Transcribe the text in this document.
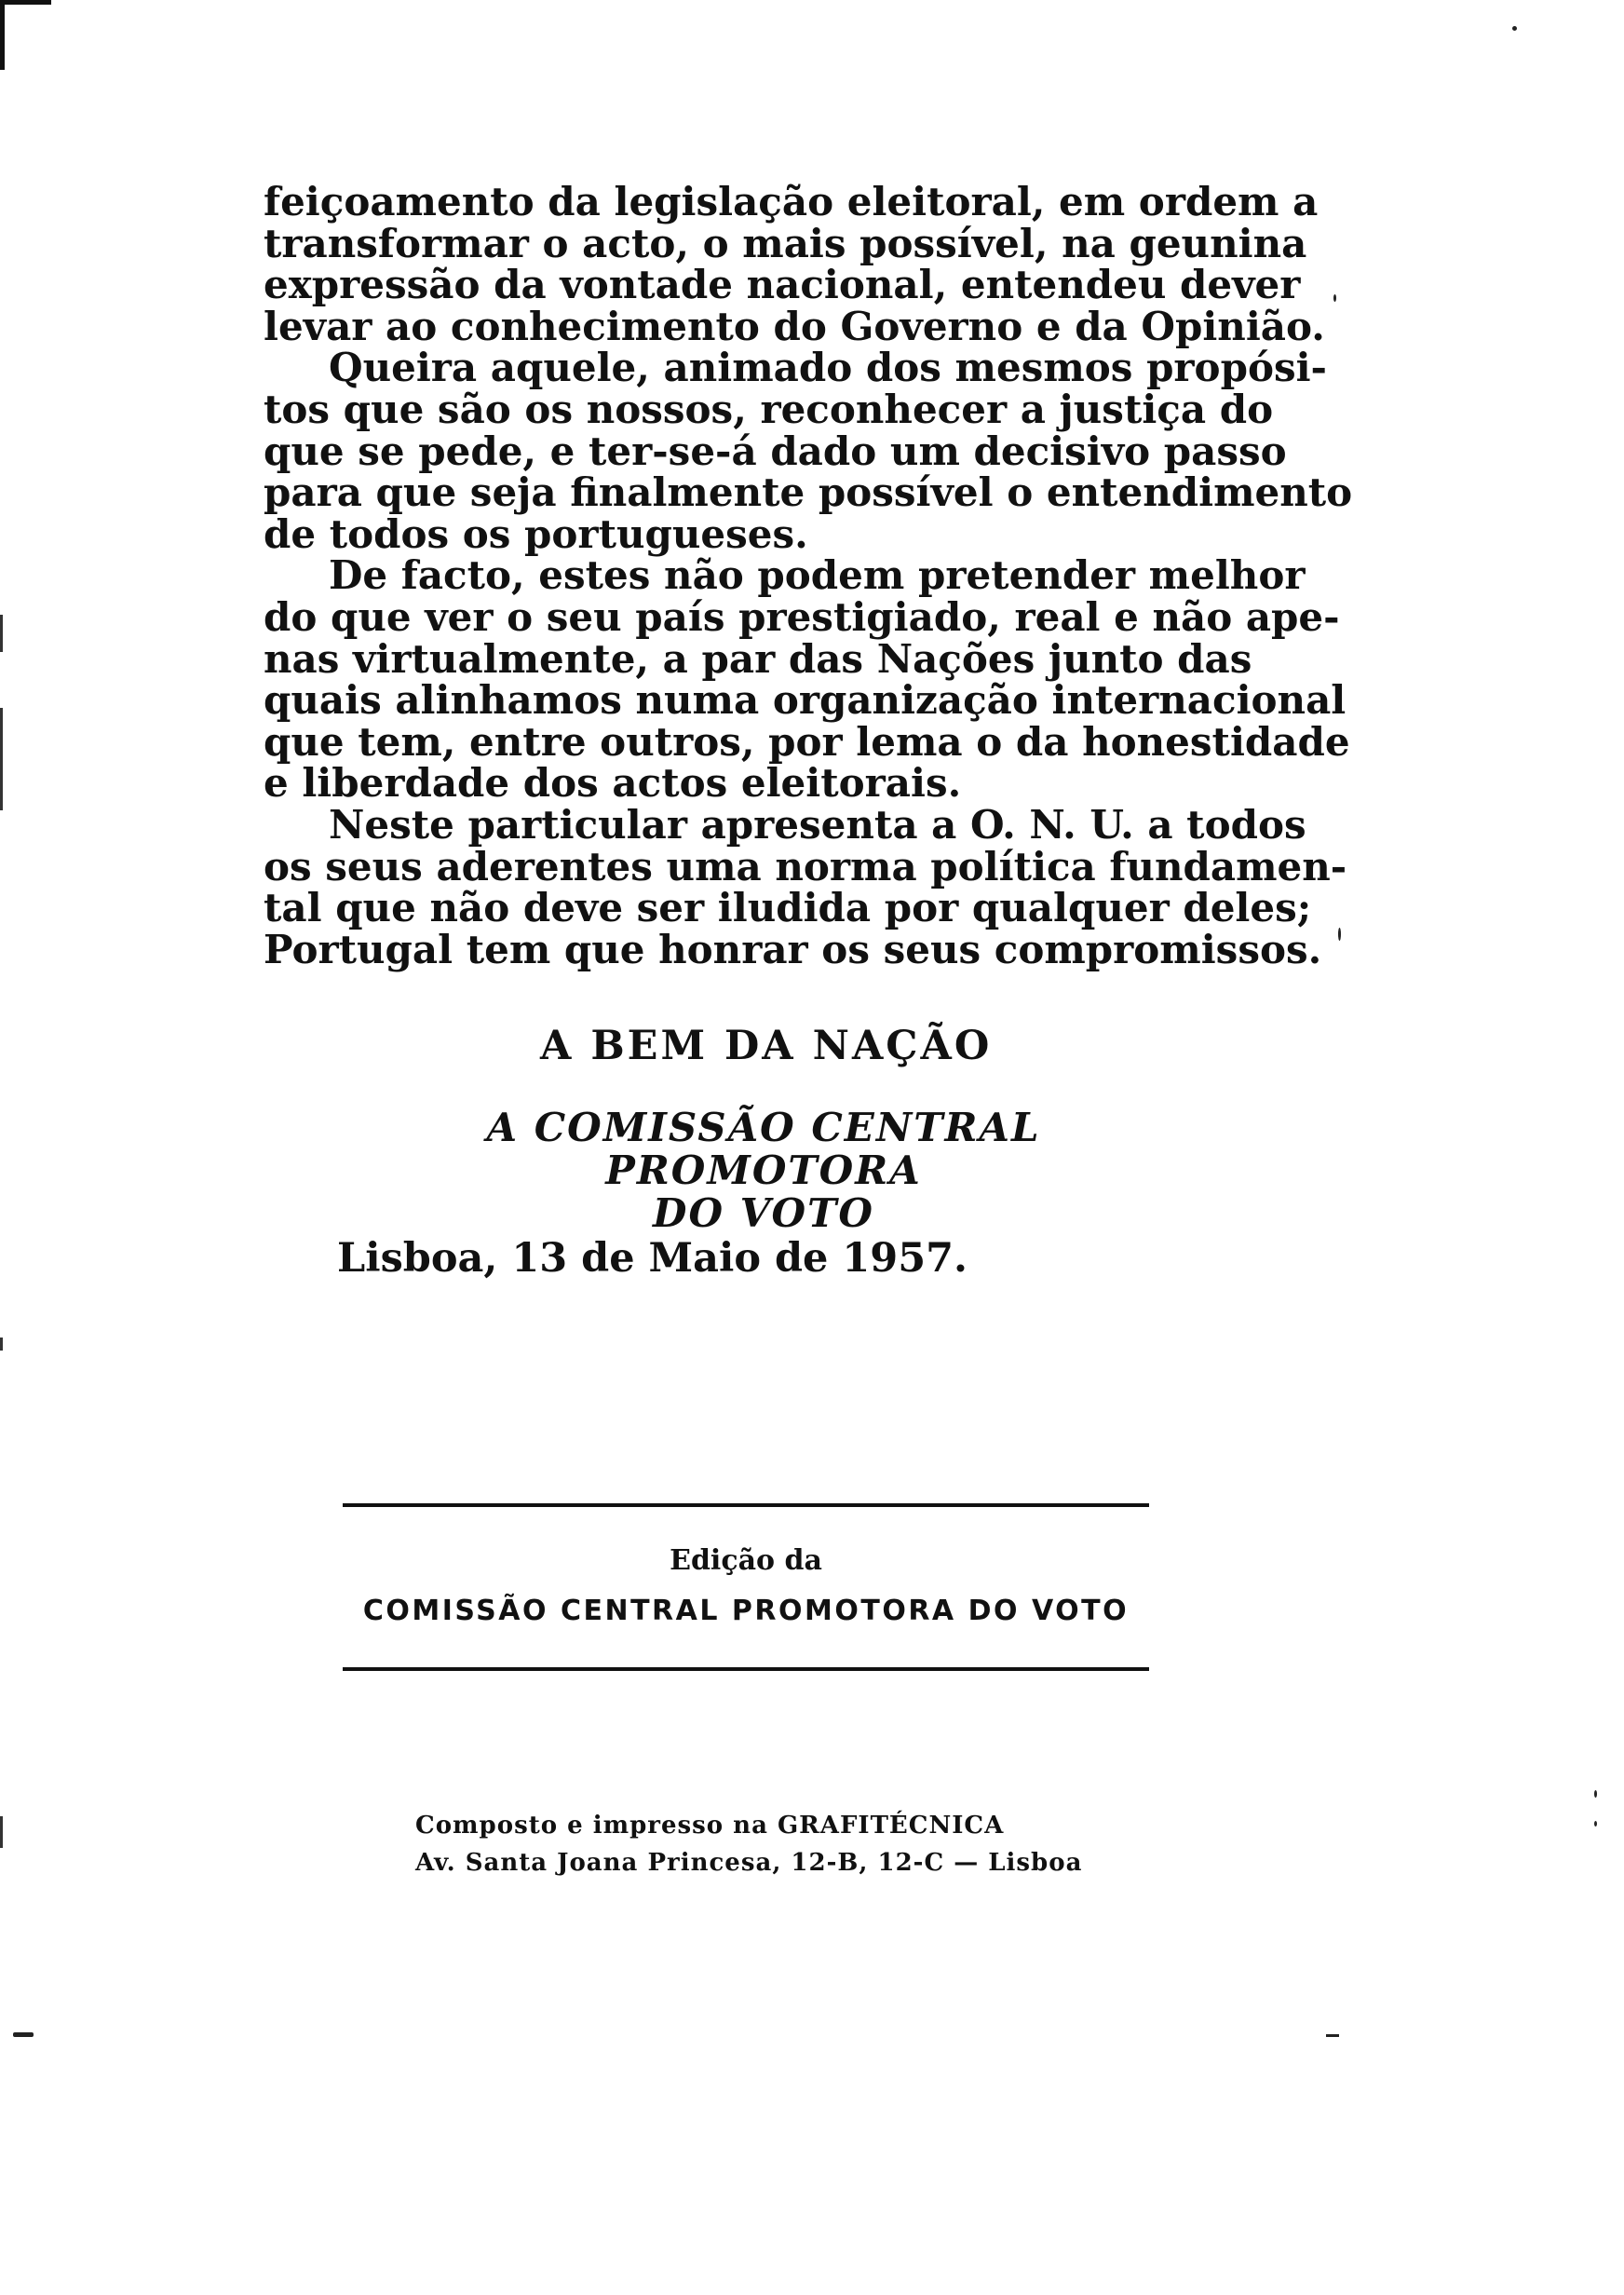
feiçoamento da legislação eleitoral, em ordem a
transformar o acto, o mais possível, na geunina
expressão da vontade nacional, entendeu dever
levar ao conhecimento do Governo e da Opinião.
Queira aquele, animado dos mesmos propósi-
tos que são os nossos, reconhecer a justiça do
que se pede, e ter-se-á dado um decisivo passo
para que seja finalmente possível o entendimento
de todos os portugueses.
De facto, estes não podem pretender melhor
do que ver o seu país prestigiado, real e não ape-
nas virtualmente, a par das Nações junto das
quais alinhamos numa organização internacional
que tem, entre outros, por lema o da honestidade
e liberdade dos actos eleitorais.
Neste particular apresenta a O. N. U. a todos
os seus aderentes uma norma política fundamen-
tal que não deve ser iludida por qualquer deles;
Portugal tem que honrar os seus compromissos.
A BEM DA NAÇÃO
A COMISSÃO CENTRAL PROMOTORA
DO VOTO
Lisboa, 13 de Maio de 1957.
Edição da
COMISSÃO CENTRAL PROMOTORA DO VOTO
Composto e impresso na GRAFITÉCNICA
Av. Santa Joana Princesa, 12-B, 12-C — Lisboa
